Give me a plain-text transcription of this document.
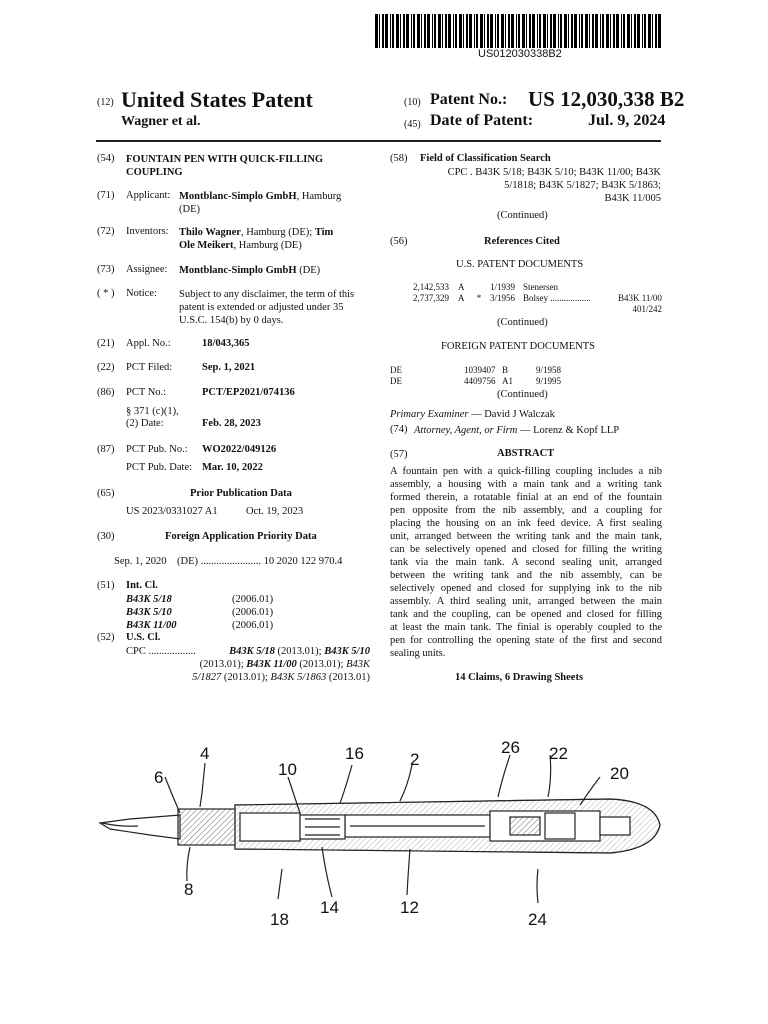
US012030338B2
(12) United States Patent
Wagner et al.
(10) Patent No.: US 12,030,338 B2
(45) Date of Patent:	Jul. 9, 2024
(54) FOUNTAIN PEN WITH QUICK-FILLING
COUPLING
(71) Applicant: Montblanc-Simplo GmbH, Hamburg
(DE)
(72) Inventors: Thilo Wagner, Hamburg (DE); Tim
Ole Meikert, Hamburg (DE)
(73) Assignee: Montblanc-Simplo GmbH (DE)
( * ) Notice: Subject to any disclaimer, the term of this
patent is extended or adjusted under 35
U.S.C. 154(b) by 0 days.
(21) Appl. No.:	18/043,365
(22) PCT Filed:	Sep. 1, 2021
(86) PCT No.:	PCT/EP2021/074136
§ 371 (c)(1),
(2) Date:	Feb. 28, 2023
(87) PCT Pub. No.: WO2022/049126
PCT Pub. Date: Mar. 10, 2022
(65)	Prior Publication Data
US 2023/0331027 A1	Oct. 19, 2023
(30)	Foreign Application Priority Data
Sep. 1, 2020    (DE) ....................... 10 2020 122 970.4
(51) Int. Cl.
B43K 5/18	(2006.01)
B43K 5/10	(2006.01)
B43K 11/00	(2006.01)
(52) U.S. Cl.
CPC ..................	B43K 5/18 (2013.01); B43K 5/10
(2013.01); B43K 11/00 (2013.01); B43K
5/1827 (2013.01); B43K 5/1863 (2013.01)
(58) Field of Classification Search
CPC . B43K 5/18; B43K 5/10; B43K 11/00; B43K
5/1818; B43K 5/1827; B43K 5/1863;
B43K 11/005
(Continued)
(56)	References Cited
U.S. PATENT DOCUMENTS
2,142,533	A	1/1939 Stenersen
2,737,329	A	* 3/1956 Bolsey ..................	B43K 11/00
401/242
(Continued)
FOREIGN PATENT DOCUMENTS
DE	1039407 B	9/1958
DE	4409756 A1	9/1995
(Continued)
Primary Examiner — David J Walczak
(74) Attorney, Agent, or Firm — Lorenz & Kopf LLP
(57)	ABSTRACT
A fountain pen with a quick-filling coupling includes a nib
assembly, a housing with a main tank and a writing tank
formed therein, a rotatable finial at an end of the fountain
pen opposite from the nib assembly, and a coupling for
placing the housing on an ink feed device. A first sealing
unit, arranged between the writing tank and the main tank,
can be selectively opened and closed for filling the writing
tank via the main tank. A second sealing unit, arranged
between the writing tank and the nib assembly, can be
selectively opened and closed for supplying ink to the nib
assembly. A third sealing unit, arranged between the main
tank and the coupling, can be opened and closed for filling
at least the main tank. The finial is operably coupled to the
pen for controlling the opening state of the first and second
sealing units.
14 Claims, 6 Drawing Sheets
4
6	10
16	2
26 22
20
8
14	12
18	24
